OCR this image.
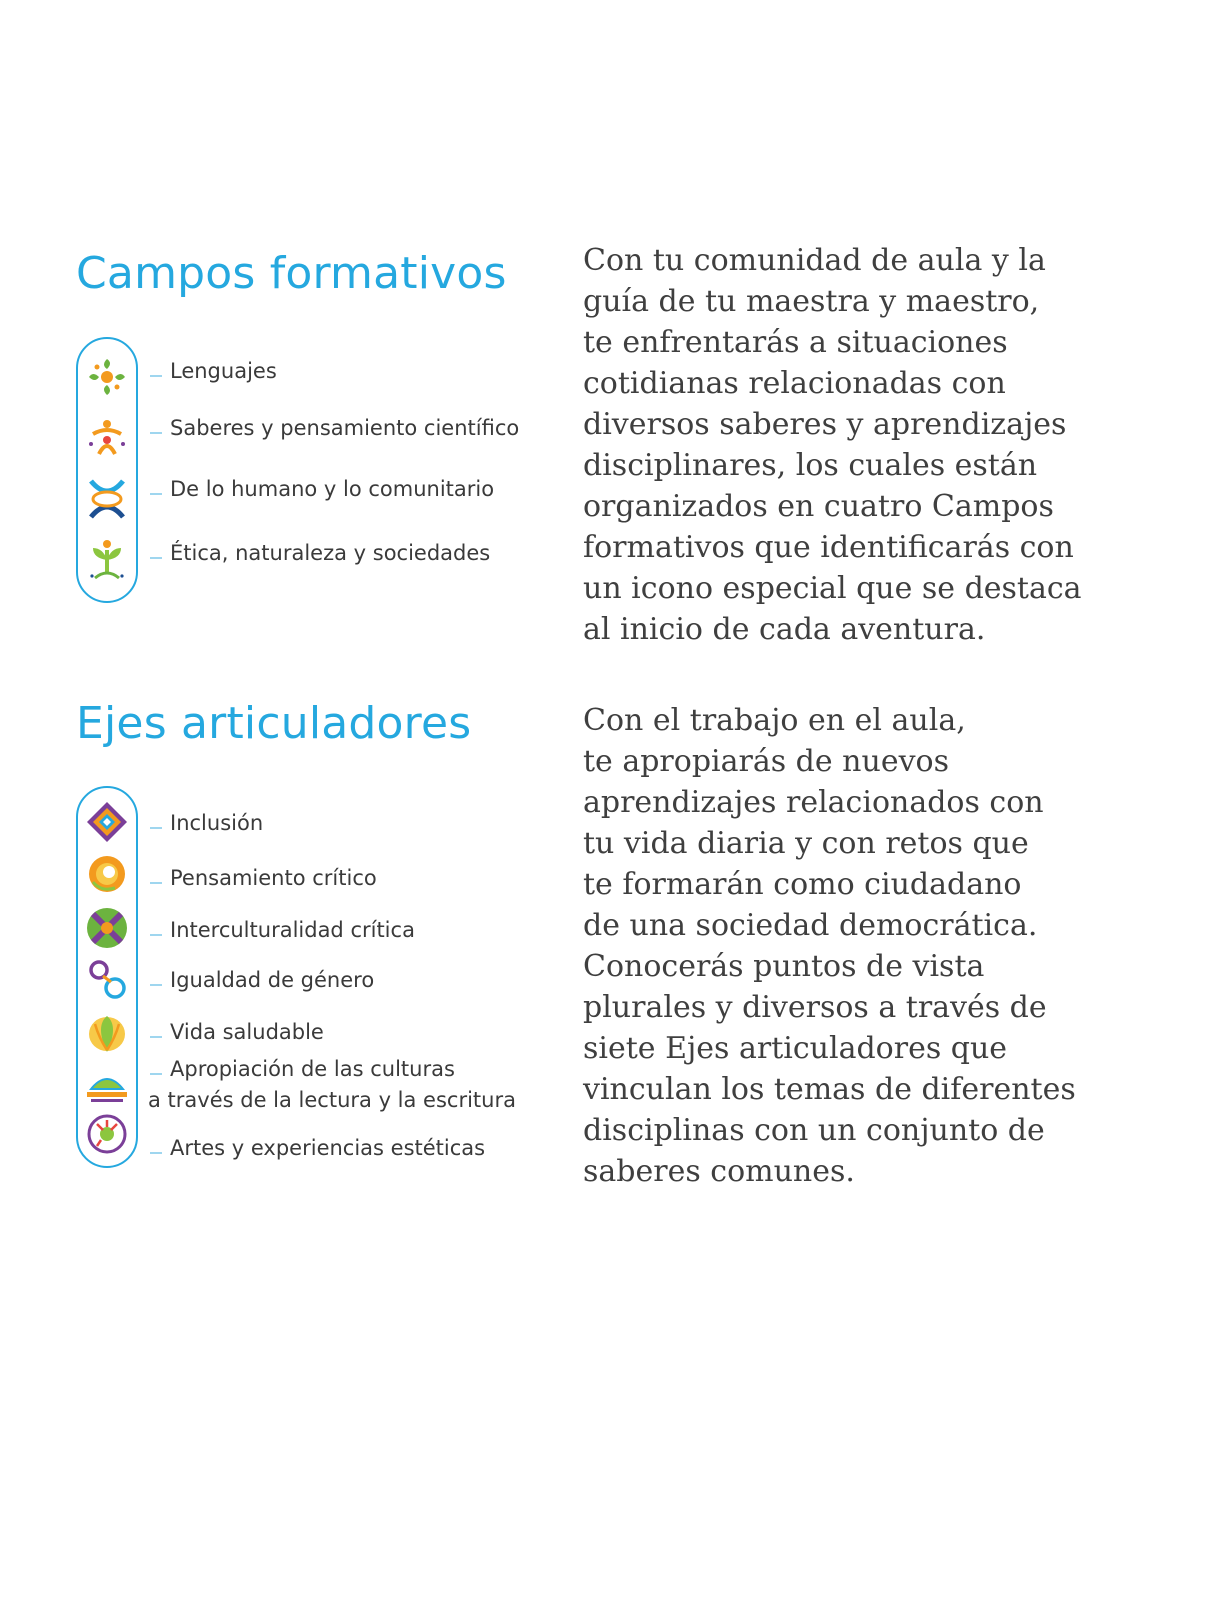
Campos formativos
Lenguajes
Saberes y pensamiento científico
De lo humano y lo comunitario
Ética, naturaleza y sociedades

Con tu comunidad de aula y la
guía de tu maestra y maestro,
te enfrentarás a situaciones
cotidianas relacionadas con
diversos saberes y aprendizajes
disciplinares, los cuales están
organizados en cuatro Campos
formativos que identificarás con
un icono especial que se destaca
al inicio de cada aventura.

Ejes articuladores
Inclusión
Pensamiento crítico
Interculturalidad crítica
Igualdad de género
Vida saludable
Apropiación de las culturas
a través de la lectura y la escritura
Artes y experiencias estéticas

Con el trabajo en el aula,
te apropiarás de nuevos
aprendizajes relacionados con
tu vida diaria y con retos que
te formarán como ciudadano
de una sociedad democrática.
Conocerás puntos de vista
plurales y diversos a través de
siete Ejes articuladores que
vinculan los temas de diferentes
disciplinas con un conjunto de
saberes comunes.
